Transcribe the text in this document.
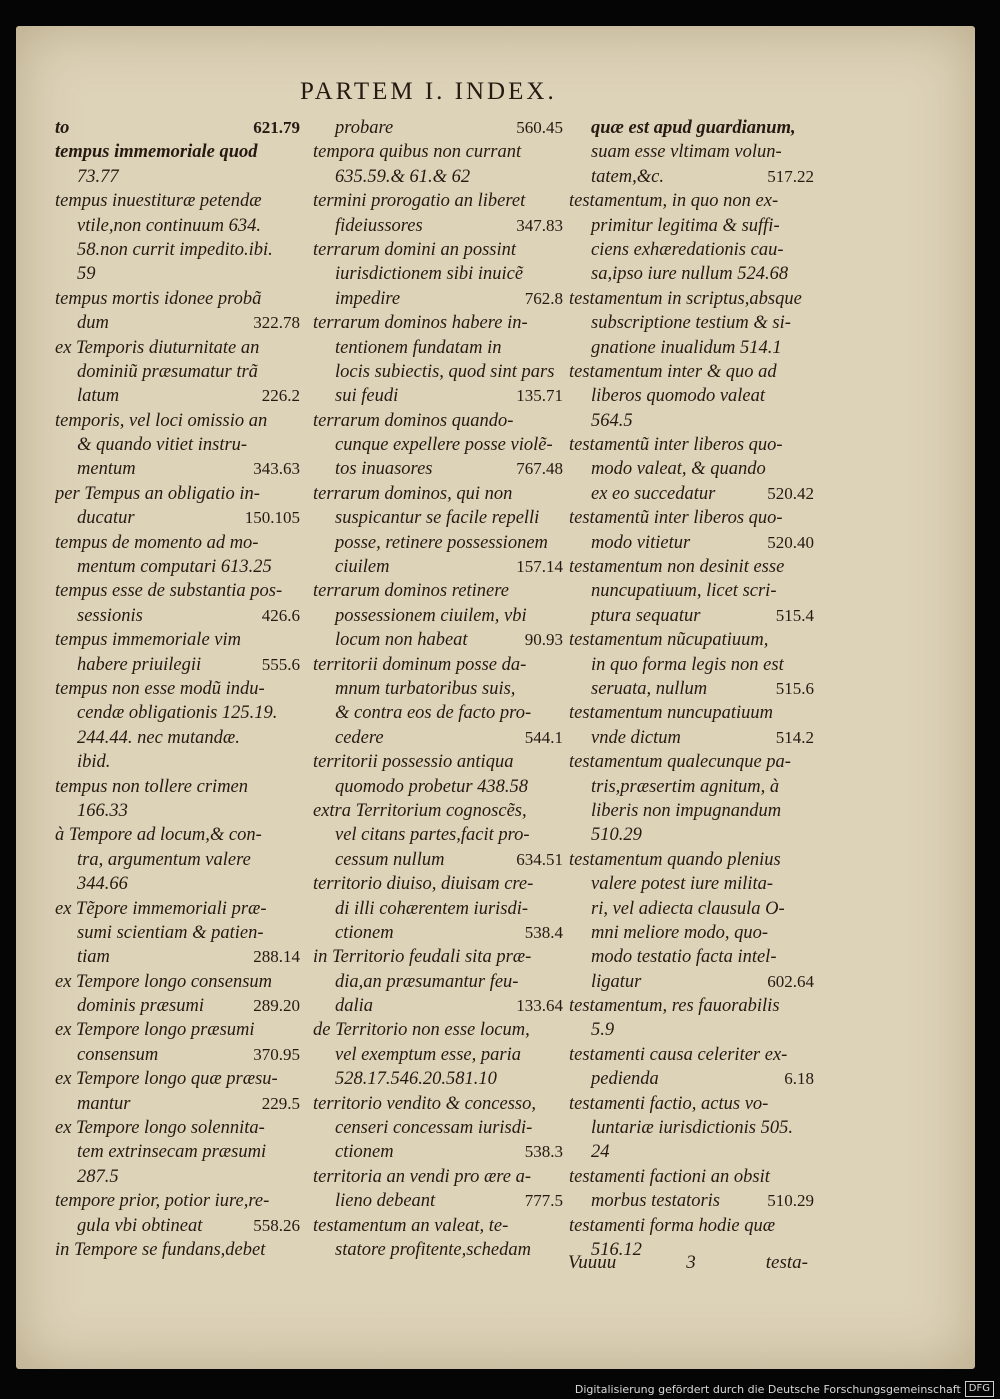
PARTEM I. INDEX.
to	621.79
tempus immemoriale quod
73.77
tempus inuestituræ petendæ
vtile,non continuum 634.
58.non currit impedito.ibi.
59
tempus mortis idonee probã
dum	322.78
ex Temporis diuturnitate an
dominiũ præsumatur trã
latum	226.2
temporis, vel loci omissio an
& quando vitiet instru-
mentum	343.63
per Tempus an obligatio in-
ducatur	150.105
tempus de momento ad mo-
mentum computari 613.25
tempus esse de substantia pos-
sessionis	426.6
tempus immemoriale vim
habere priuilegii	555.6
tempus non esse modũ indu-
cendæ obligationis 125.19.
244.44. nec mutandæ.
ibid.
tempus non tollere crimen
166.33
à Tempore ad locum,& con-
tra, argumentum valere
344.66
ex Tẽpore immemoriali præ-
sumi scientiam & patien-
tiam	288.14
ex Tempore longo consensum
dominis præsumi	289.20
ex Tempore longo præsumi
consensum	370.95
ex Tempore longo quæ præsu-
mantur	229.5
ex Tempore longo solennita-
tem extrinsecam præsumi
287.5
tempore prior, potior iure,re-
gula vbi obtineat	558.26
in Tempore se fundans,debet
probare	560.45
tempora quibus non currant
635.59.& 61.& 62
termini prorogatio an liberet
fideiussores	347.83
terrarum domini an possint
iurisdictionem sibi inuicẽ
impedire	762.8
terrarum dominos habere in-
tentionem fundatam in
locis subiectis, quod sint pars
sui feudi	135.71
terrarum dominos quando-
cunque expellere posse violẽ-
tos inuasores	767.48
terrarum dominos, qui non
suspicantur se facile repelli
posse, retinere possessionem
ciuilem	157.14
terrarum dominos retinere
possessionem ciuilem, vbi
locum non habeat	90.93
territorii dominum posse da-
mnum turbatoribus suis,
& contra eos de facto pro-
cedere	544.1
territorii possessio antiqua
quomodo probetur 438.58
extra Territorium cognoscẽs,
vel citans partes,facit pro-
cessum nullum	634.51
territorio diuiso, diuisam cre-
di illi cohærentem iurisdi-
ctionem	538.4
in Territorio feudali sita præ-
dia,an præsumantur feu-
dalia	133.64
de Territorio non esse locum,
vel exemptum esse, paria
528.17.546.20.581.10
territorio vendito & concesso,
censeri concessam iurisdi-
ctionem	538.3
territoria an vendi pro ære a-
lieno debeant	777.5
testamentum an valeat, te-
statore profitente,schedam
quæ est apud guardianum,
suam esse vltimam volun-
tatem,&c.	517.22
testamentum, in quo non ex-
primitur legitima & suffi-
ciens exhæredationis cau-
sa,ipso iure nullum 524.68
testamentum in scriptus,absque
subscriptione testium & si-
gnatione inualidum 514.1
testamentum inter & quo ad
liberos quomodo valeat
564.5
testamentũ inter liberos quo-
modo valeat, & quando
ex eo succedatur	520.42
testamentũ inter liberos quo-
modo vitietur	520.40
testamentum non desinit esse
nuncupatiuum, licet scri-
ptura sequatur	515.4
testamentum nũcupatiuum,
in quo forma legis non est
seruata, nullum	515.6
testamentum nuncupatiuum
vnde dictum	514.2
testamentum qualecunque pa-
tris,præsertim agnitum, à
liberis non impugnandum
510.29
testamentum quando plenius
valere potest iure milita-
ri, vel adiecta clausula O-
mni meliore modo, quo-
modo testatio facta intel-
ligatur	602.64
testamentum, res fauorabilis
5.9
testamenti causa celeriter ex-
pedienda	6.18
testamenti factio, actus vo-
luntariæ iurisdictionis 505.
24
testamenti factioni an obsit
morbus testatoris	510.29
testamenti forma hodie quæ
516.12
Vuuuu	3	testa-
Digitalisierung gefördert durch die Deutsche Forschungsgemeinschaft DFG
